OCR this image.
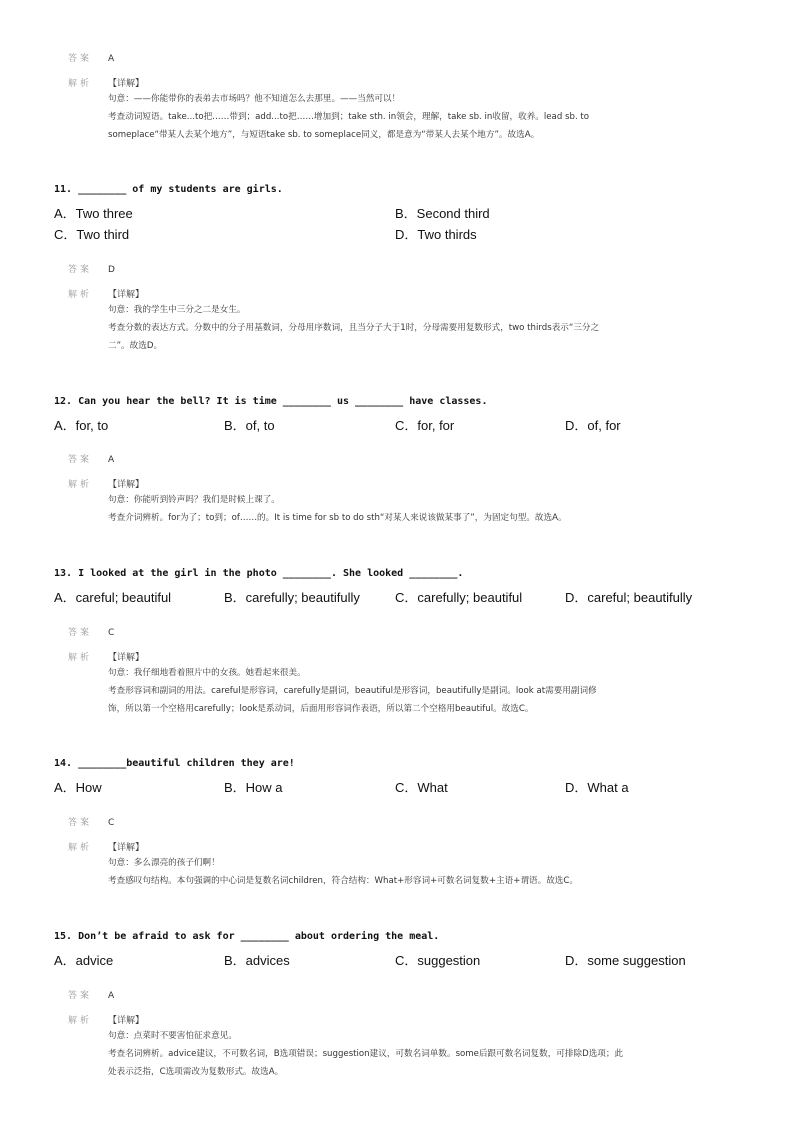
答案 A
解析 【详解】
句意：——你能带你的表弟去市场吗？他不知道怎么去那里。——当然可以！
考查动词短语。take...to把……带到；add...to把……增加到；take sth. in领会，理解，take sb. in收留，收养。lead sb. to
someplace“带某人去某个地方”，与短语take sb. to someplace同义，都是意为“带某人去某个地方”。故选A。
11. ________ of my students are girls.
A．Two three	B．Second third
C．Two third	D．Two thirds
答案 D
解析 【详解】
句意：我的学生中三分之二是女生。
考查分数的表达方式。分数中的分子用基数词，分母用序数词，且当分子大于1时，分母需要用复数形式，two thirds表示“三分之
二”。故选D。
12. Can you hear the bell? It is time ________ us ________ have classes.
A．for, to	B．of, to	C．for, for	D．of, for
答案 A
解析 【详解】
句意：你能听到铃声吗？我们是时候上课了。
考查介词辨析。for为了；to到；of……的。It is time for sb to do sth“对某人来说该做某事了”，为固定句型。故选A。
13. I looked at the girl in the photo ________. She looked ________.
A．careful; beautiful	B．carefully; beautifully	C．carefully; beautiful	D．careful; beautifully
答案 C
解析 【详解】
句意：我仔细地看着照片中的女孩。她看起来很美。
考查形容词和副词的用法。careful是形容词，carefully是副词，beautiful是形容词，beautifully是副词。look at需要用副词修
饰，所以第一个空格用carefully；look是系动词，后面用形容词作表语，所以第二个空格用beautiful。故选C。
14. ________beautiful children they are!
A．How	B．How a	C．What	D．What a
答案 C
解析 【详解】
句意：多么漂亮的孩子们啊！
考查感叹句结构。本句强调的中心词是复数名词children，符合结构：What+形容词+可数名词复数+主语+谓语。故选C。
15. Don’t be afraid to ask for ________ about ordering the meal.
A．advice	B．advices	C．suggestion	D．some suggestion
答案 A
解析 【详解】
句意：点菜时不要害怕征求意见。
考查名词辨析。advice建议，不可数名词，B选项错误；suggestion建议，可数名词单数。some后跟可数名词复数，可排除D选项；此
处表示泛指，C选项需改为复数形式。故选A。
